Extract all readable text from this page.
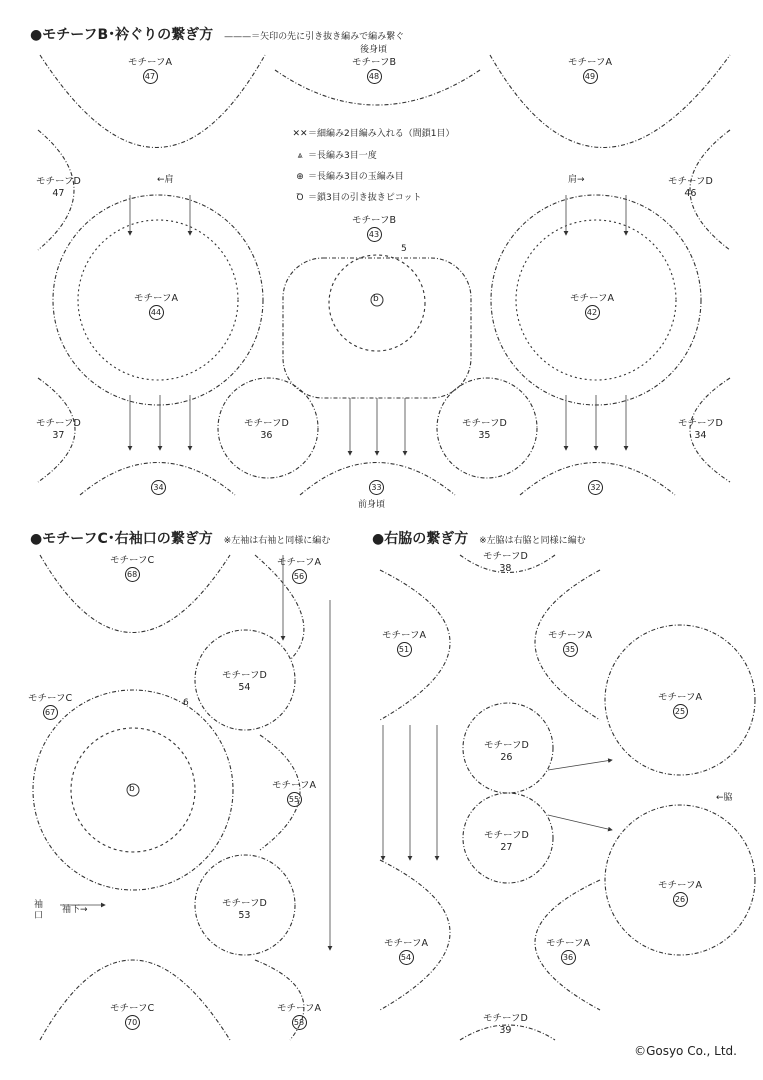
●モチーフB･衿ぐりの繋ぎ方 ———＝矢印の先に引き抜き編みで編み繋ぐ
●モチーフC･右袖口の繋ぎ方 ※左袖は右袖と同様に編む	●右脇の繋ぎ方 ※左脇は右脇と同様に編む
✕✕＝細編み2目編み入れる（間鎖1目）
⩓ ＝長編み3目一度
⊕ ＝長編み3目の玉編み目
Ꝺ ＝鎖3目の引き抜きピコット
後身頃
前身頃
←肩	肩→
モチーフA
47
モチーフB
48
モチーフA
49
モチーフD
47
モチーフD
46
モチーフB
43
5
b
モチーフA
44
モチーフA
42
モチーフD
37
モチーフD
36
モチーフD
35
モチーフD
34
34	33	32
モチーフC
68
モチーフA
56
モチーフD
54
モチーフC
67
6
b	モチーフA
55
モチーフD
53
袖口
袖下→
モチーフC
70
モチーフA
58
モチーフD
38
モチーフA
51
モチーフA
35
モチーフA
25
モチーフD
26
←脇
モチーフD
27
モチーフA
26
モチーフA
54
モチーフA
36
モチーフD
39
©Gosyo Co., Ltd.
